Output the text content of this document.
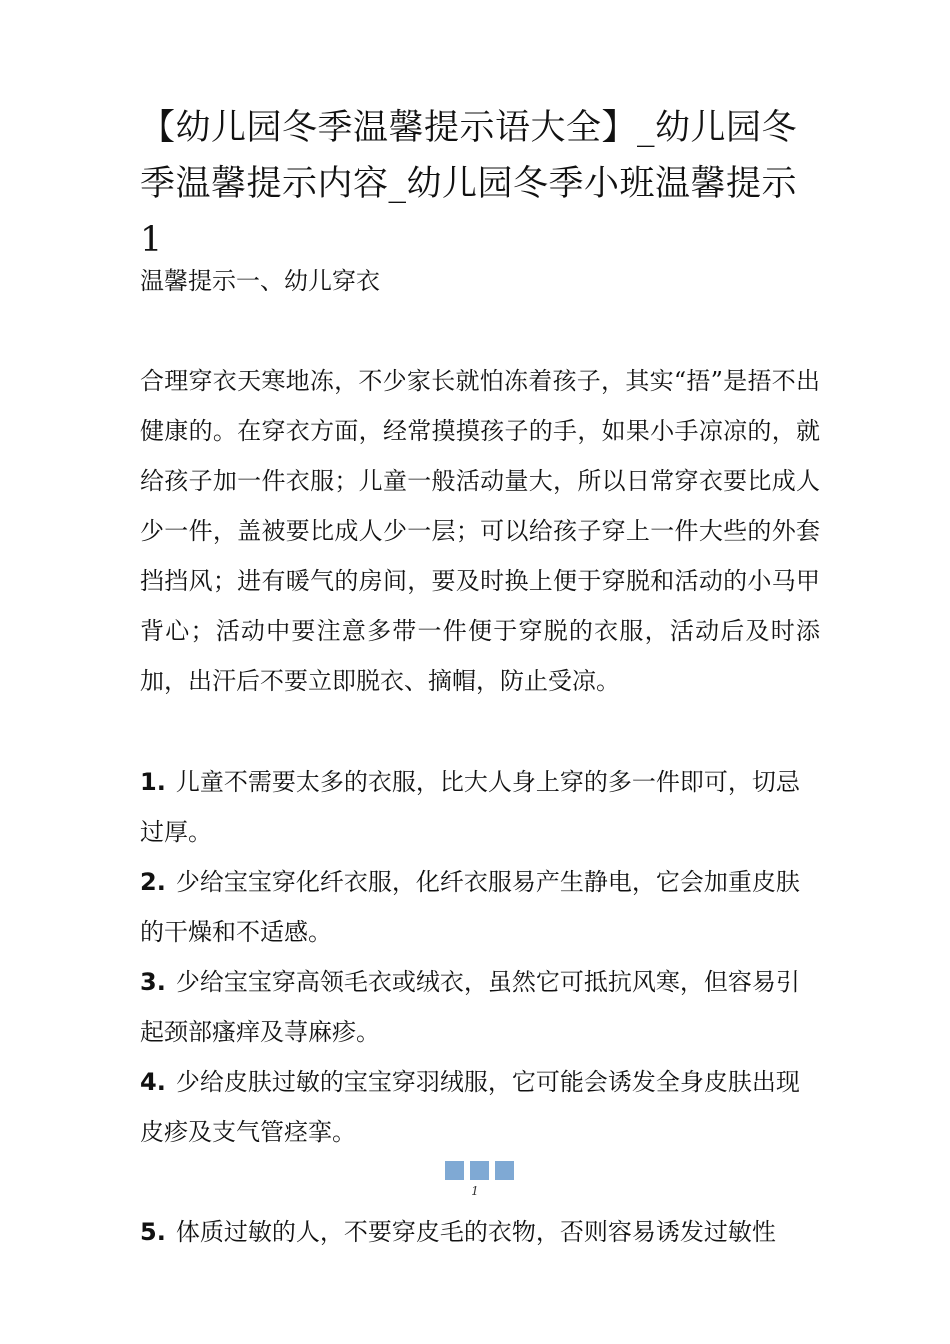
【幼儿园冬季温馨提示语大全】_幼儿园冬季温馨提示内容_幼儿园冬季小班温馨提示 1
温馨提示一、幼儿穿衣

合理穿衣天寒地冻，不少家长就怕冻着孩子，其实“捂”是捂不出健康的。在穿衣方面，经常摸摸孩子的手，如果小手凉凉的，就给孩子加一件衣服；儿童一般活动量大，所以日常穿衣要比成人少一件，盖被要比成人少一层；可以给孩子穿上一件大些的外套挡挡风；进有暖气的房间，要及时换上便于穿脱和活动的小马甲背心；活动中要注意多带一件便于穿脱的衣服，活动后及时添加，出汗后不要立即脱衣、摘帽，防止受凉。

1. 儿童不需要太多的衣服，比大人身上穿的多一件即可，切忌过厚。

2. 少给宝宝穿化纤衣服，化纤衣服易产生静电，它会加重皮肤的干燥和不适感。

3. 少给宝宝穿高领毛衣或绒衣，虽然它可抵抗风寒，但容易引起颈部瘙痒及荨麻疹。

4. 少给皮肤过敏的宝宝穿羽绒服，它可能会诱发全身皮肤出现皮疹及支气管痉挛。

1

5. 体质过敏的人，不要穿皮毛的衣物，否则容易诱发过敏性
